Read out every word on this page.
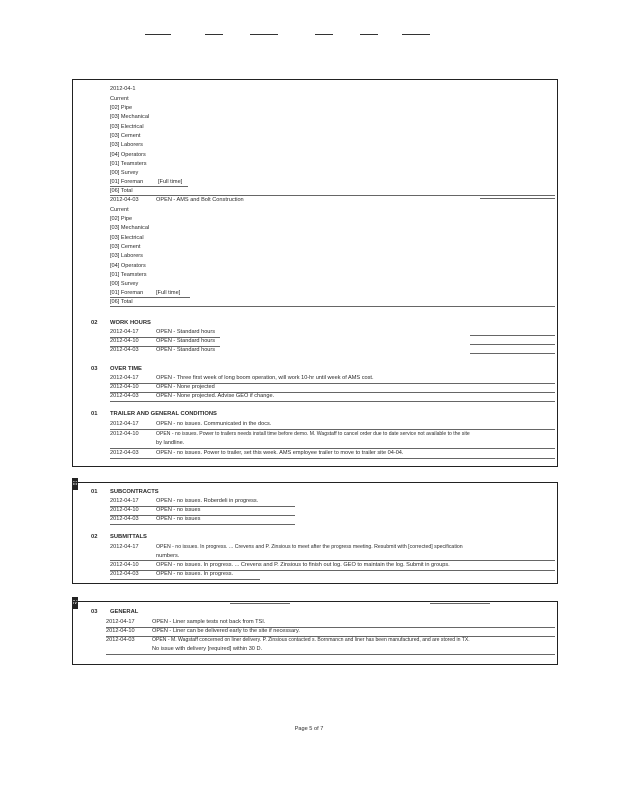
2012-04-1
Current
[02] Pipe
[03] Mechanical
[03] Electrical
[03] Cement
[03] Laborers
[04] Operators
[01] Teamsters
[00] Survey
[01] Foreman	[Full time]
[06] Total
2012-04-03	OPEN - AMS and Bolt Construction
Current
[02] Pipe
[03] Mechanical
[03] Electrical
[03] Cement
[03] Laborers
[04] Operators
[01] Teamsters
[00] Survey
[01] Foreman [Full time]
[06] Total
02 WORK HOURS
2012-04-17	OPEN - Standard hours
2012-04-10	OPEN - Standard hours
2012-04-03	OPEN - Standard hours
03 OVER TIME
2012-04-17	OPEN - Three first week of long boom operation, will work 10-hr until week of AMS cost.
2012-04-10	OPEN - None projected
2012-04-03	OPEN - None projected. Advise GEO if change.
01 TRAILER AND GENERAL CONDITIONS
2012-04-17	OPEN - no issues. Communicated in the docs.
2012-04-10	OPEN - no issues. Power to trailers needs install time before demo. M. Wagstaff to cancel order due to date service not available to the site
by landline.
2012-04-03	OPEN - no issues. Power to trailer, set this week. AMS employee trailer to move to trailer site 04-04.
III
01 SUBCONTRACTS
2012-04-17	OPEN - no issues. Roberdeli in progress.
2012-04-10	OPEN - no issues
2012-04-03	OPEN - no issues
02 SUBMITTALS
2012-04-17	OPEN - no issues. In progress. ... Crevens and P. Zinsious to meet after the progress meeting. Resubmit with [corrected] specification
numbers.
2012-04-10	OPEN - no issues. In progress. ... Crevens and P. Zinsious to finish out log. GEO to maintain the log. Submit in groups.
2012-04-03	OPEN - no issues. In progress.
IV
03 GENERAL
2012-04-17	OPEN - Liner sample tests not back from TSI.
2012-04-10	OPEN - Liner can be delivered early to the site if necessary.
2012-04-03	OPEN - M. Wagstaff concerned on liner delivery. P. Zinsious contacted s. Bornmancn and liner has been manufactured, and are stored in TX.
No issue with delivery [required] within 30 D.
Page 5 of 7
